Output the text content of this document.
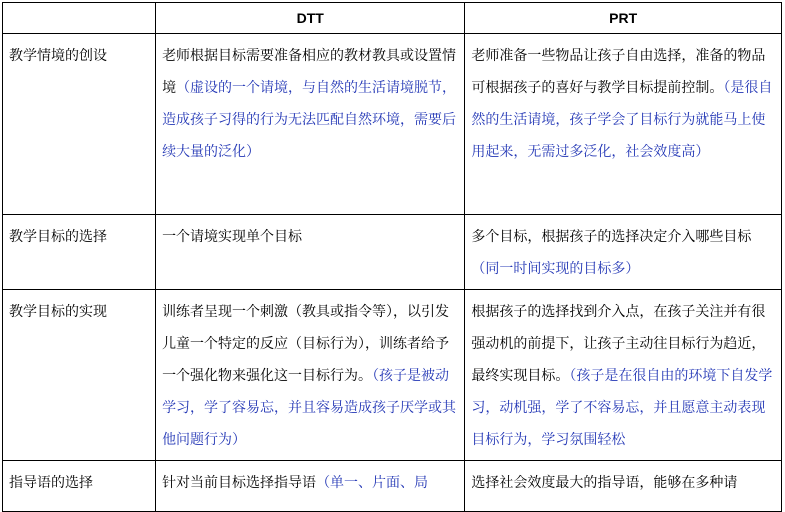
	DTT	PRT
教学情境的创设	老师根据目标需要准备相应的教材教具或设置情境（虚设的一个请境，与自然的生活请境脱节，造成孩子习得的行为无法匹配自然环境，需要后续大量的泛化）	老师准备一些物品让孩子自由选择，准备的物品可根据孩子的喜好与教学目标提前控制。（是很自然的生活请境，孩子学会了目标行为就能马上使用起来，无需过多泛化，社会效度高）
教学目标的选择	一个请境实现单个目标	多个目标，根据孩子的选择决定介入哪些目标（同一时间实现的目标多）
教学目标的实现	训练者呈现一个刺激（教具或指令等），以引发儿童一个特定的反应（目标行为），训练者给予一个强化物来强化这一目标行为。（孩子是被动学习，学了容易忘，并且容易造成孩子厌学或其他问题行为）	根据孩子的选择找到介入点，在孩子关注并有很强动机的前提下，让孩子主动往目标行为趋近，最终实现目标。（孩子是在很自由的环境下自发学习，动机强，学了不容易忘，并且愿意主动表现目标行为，学习氛围轻松
指导语的选择	针对当前目标选择指导语（单一、片面、局	选择社会效度最大的指导语，能够在多种请
